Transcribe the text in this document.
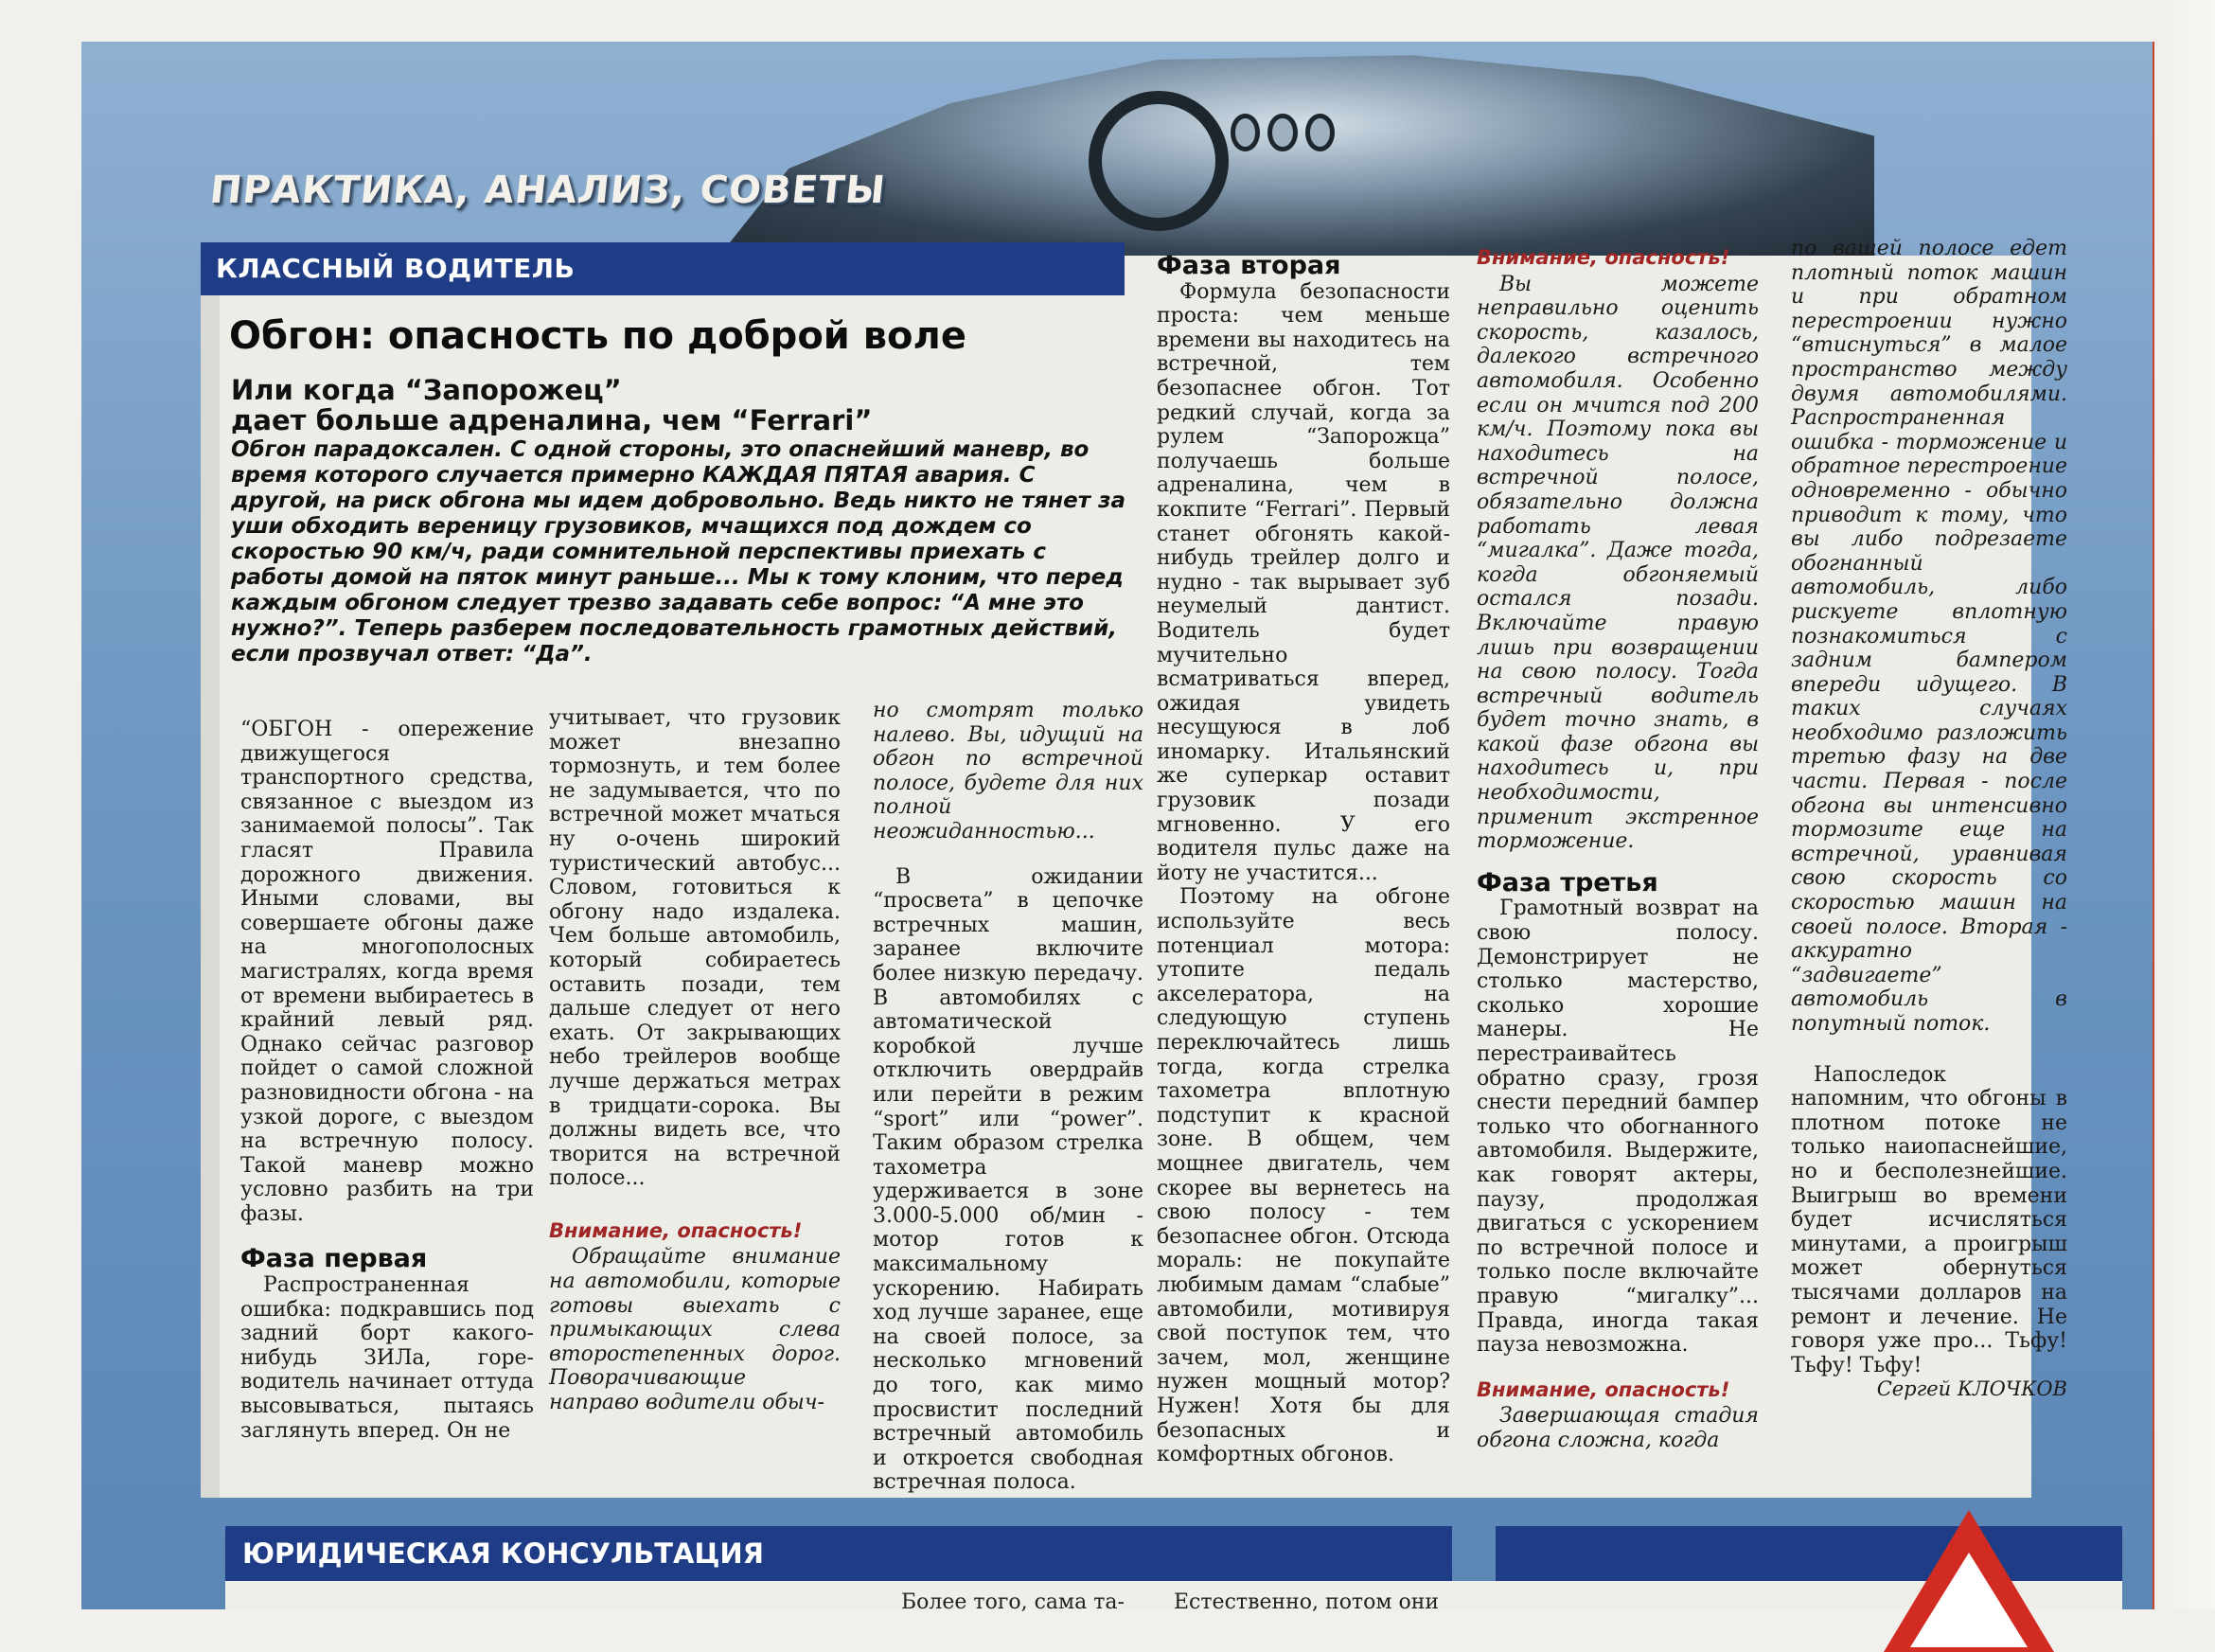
ПРАКТИКА, АНАЛИЗ, СОВЕТЫ
КЛАССНЫЙ ВОДИТЕЛЬ
Обгон: опасность по доброй воле
Или когда “Запорожец”
дает больше адреналина, чем “Ferrari”
Обгон парадоксален. С одной стороны, это опаснейший маневр, во время которого случается примерно КАЖДАЯ ПЯТАЯ авария. С другой, на риск обгона мы идем добровольно. Ведь никто не тянет за уши обходить вереницу грузовиков, мчащихся под дождем со скоростью 90 км/ч, ради сомнительной перспективы приехать с работы домой на пяток минут раньше... Мы к тому клоним, что перед каждым обгоном следует трезво задавать себе вопрос: “А мне это нужно?”. Теперь разберем последовательность грамотных действий, если прозвучал ответ: “Да”.

“ОБГОН - опережение движущегося транспортного средства, связанное с выездом из занимаемой полосы”. Так гласят Правила дорожного движения. Иными словами, вы совершаете обгоны даже на многополосных магистралях, когда время от времени выбираетесь в крайний левый ряд. Однако сейчас разговор пойдет о самой сложной разновидности обгона - на узкой дороге, с выездом на встречную полосу. Такой маневр можно условно разбить на три фазы.

Фаза первая

Распространенная ошибка: подкравшись под задний борт какого-нибудь ЗИЛа, горе-водитель начинает оттуда высовываться, пытаясь заглянуть вперед. Он не

учитывает, что грузовик может внезапно тормознуть, и тем более не задумывается, что по встречной может мчаться ну о-очень широкий туристический автобус... Словом, готовиться к обгону надо издалека. Чем больше автомобиль, который собираетесь оставить позади, тем дальше следует от него ехать. От закрывающих небо трейлеров вообще лучше держаться метрах в тридцати-сорока. Вы должны видеть все, что творится на встречной полосе...

Внимание, опасность!

Обращайте внимание на автомобили, которые готовы выехать с примыкающих слева второстепенных дорог. Поворачивающие направо водители обыч-

но смотрят только налево. Вы, идущий на обгон по встречной полосе, будете для них полной неожиданностью...

В ожидании “просвета” в цепочке встречных машин, заранее включите более низкую передачу. В автомобилях с автоматической коробкой лучше отключить овердрайв или перейти в режим “sport” или “power”. Таким образом стрелка тахометра удерживается в зоне 3.000-5.000 об/мин - мотор готов к максимальному ускорению. Набирать ход лучше заранее, еще на своей полосе, за несколько мгновений до того, как мимо просвистит последний встречный автомобиль и откроется свободная встречная полоса.

Фаза вторая

Формула безопасности проста: чем меньше времени вы находитесь на встречной, тем безопаснее обгон. Тот редкий случай, когда за рулем “Запорожца” получаешь больше адреналина, чем в кокпите “Ferrari”. Первый станет обгонять какой-нибудь трейлер долго и нудно - так вырывает зуб неумелый дантист. Водитель будет мучительно всматриваться вперед, ожидая увидеть несущуюся в лоб иномарку. Итальянский же суперкар оставит грузовик позади мгновенно. У его водителя пульс даже на йоту не участится...

Поэтому на обгоне используйте весь потенциал мотора: утопите педаль акселератора, на следующую ступень переключайтесь лишь тогда, когда стрелка тахометра вплотную подступит к красной зоне. В общем, чем мощнее двигатель, чем скорее вы вернетесь на свою полосу - тем безопаснее обгон. Отсюда мораль: не покупайте любимым дамам “слабые” автомобили, мотивируя свой поступок тем, что зачем, мол, женщине нужен мощный мотор? Нужен! Хотя бы для безопасных и комфортных обгонов.

Внимание, опасность!

Вы можете неправильно оценить скорость, казалось, далекого встречного автомобиля. Особенно если он мчится под 200 км/ч. Поэтому пока вы находитесь на встречной полосе, обязательно должна работать левая “мигалка”. Даже тогда, когда обгоняемый остался позади. Включайте правую лишь при возвращении на свою полосу. Тогда встречный водитель будет точно знать, в какой фазе обгона вы находитесь и, при необходимости, применит экстренное торможение.

Фаза третья

Грамотный возврат на свою полосу. Демонстрирует не столько мастерство, сколько хорошие манеры. Не перестраивайтесь обратно сразу, грозя снести передний бампер только что обогнанного автомобиля. Выдержите, как говорят актеры, паузу, продолжая двигаться с ускорением по встречной полосе и только после включайте правую “мигалку”... Правда, иногда такая пауза невозможна.

Внимание, опасность!

Завершающая стадия обгона сложна, когда

по вашей полосе едет плотный поток машин и при обратном перестроении нужно “втиснуться” в малое пространство между двумя автомобилями. Распространенная ошибка - торможение и обратное перестроение одновременно - обычно приводит к тому, что вы либо подрезаете обогнанный автомобиль, либо рискуете вплотную познакомиться с задним бампером впереди идущего. В таких случаях необходимо разложить третью фазу на две части. Первая - после обгона вы интенсивно тормозите еще на встречной, уравнивая свою скорость со скоростью машин на своей полосе. Вторая - аккуратно “задвигаете” автомобиль в попутный поток.

Напоследок напомним, что обгоны в плотном потоке не только наиопаснейшие, но и бесполезнейшие. Выигрыш во времени будет исчисляться минутами, а проигрыш может обернуться тысячами долларов на ремонт и лечение. Не говоря уже про... Тьфу! Тьфу! Тьфу!

Сергей КЛОЧКОВ
ЮРИДИЧЕСКАЯ КОНСУЛЬТАЦИЯ
Более того, сама та- Естественно, потом они
